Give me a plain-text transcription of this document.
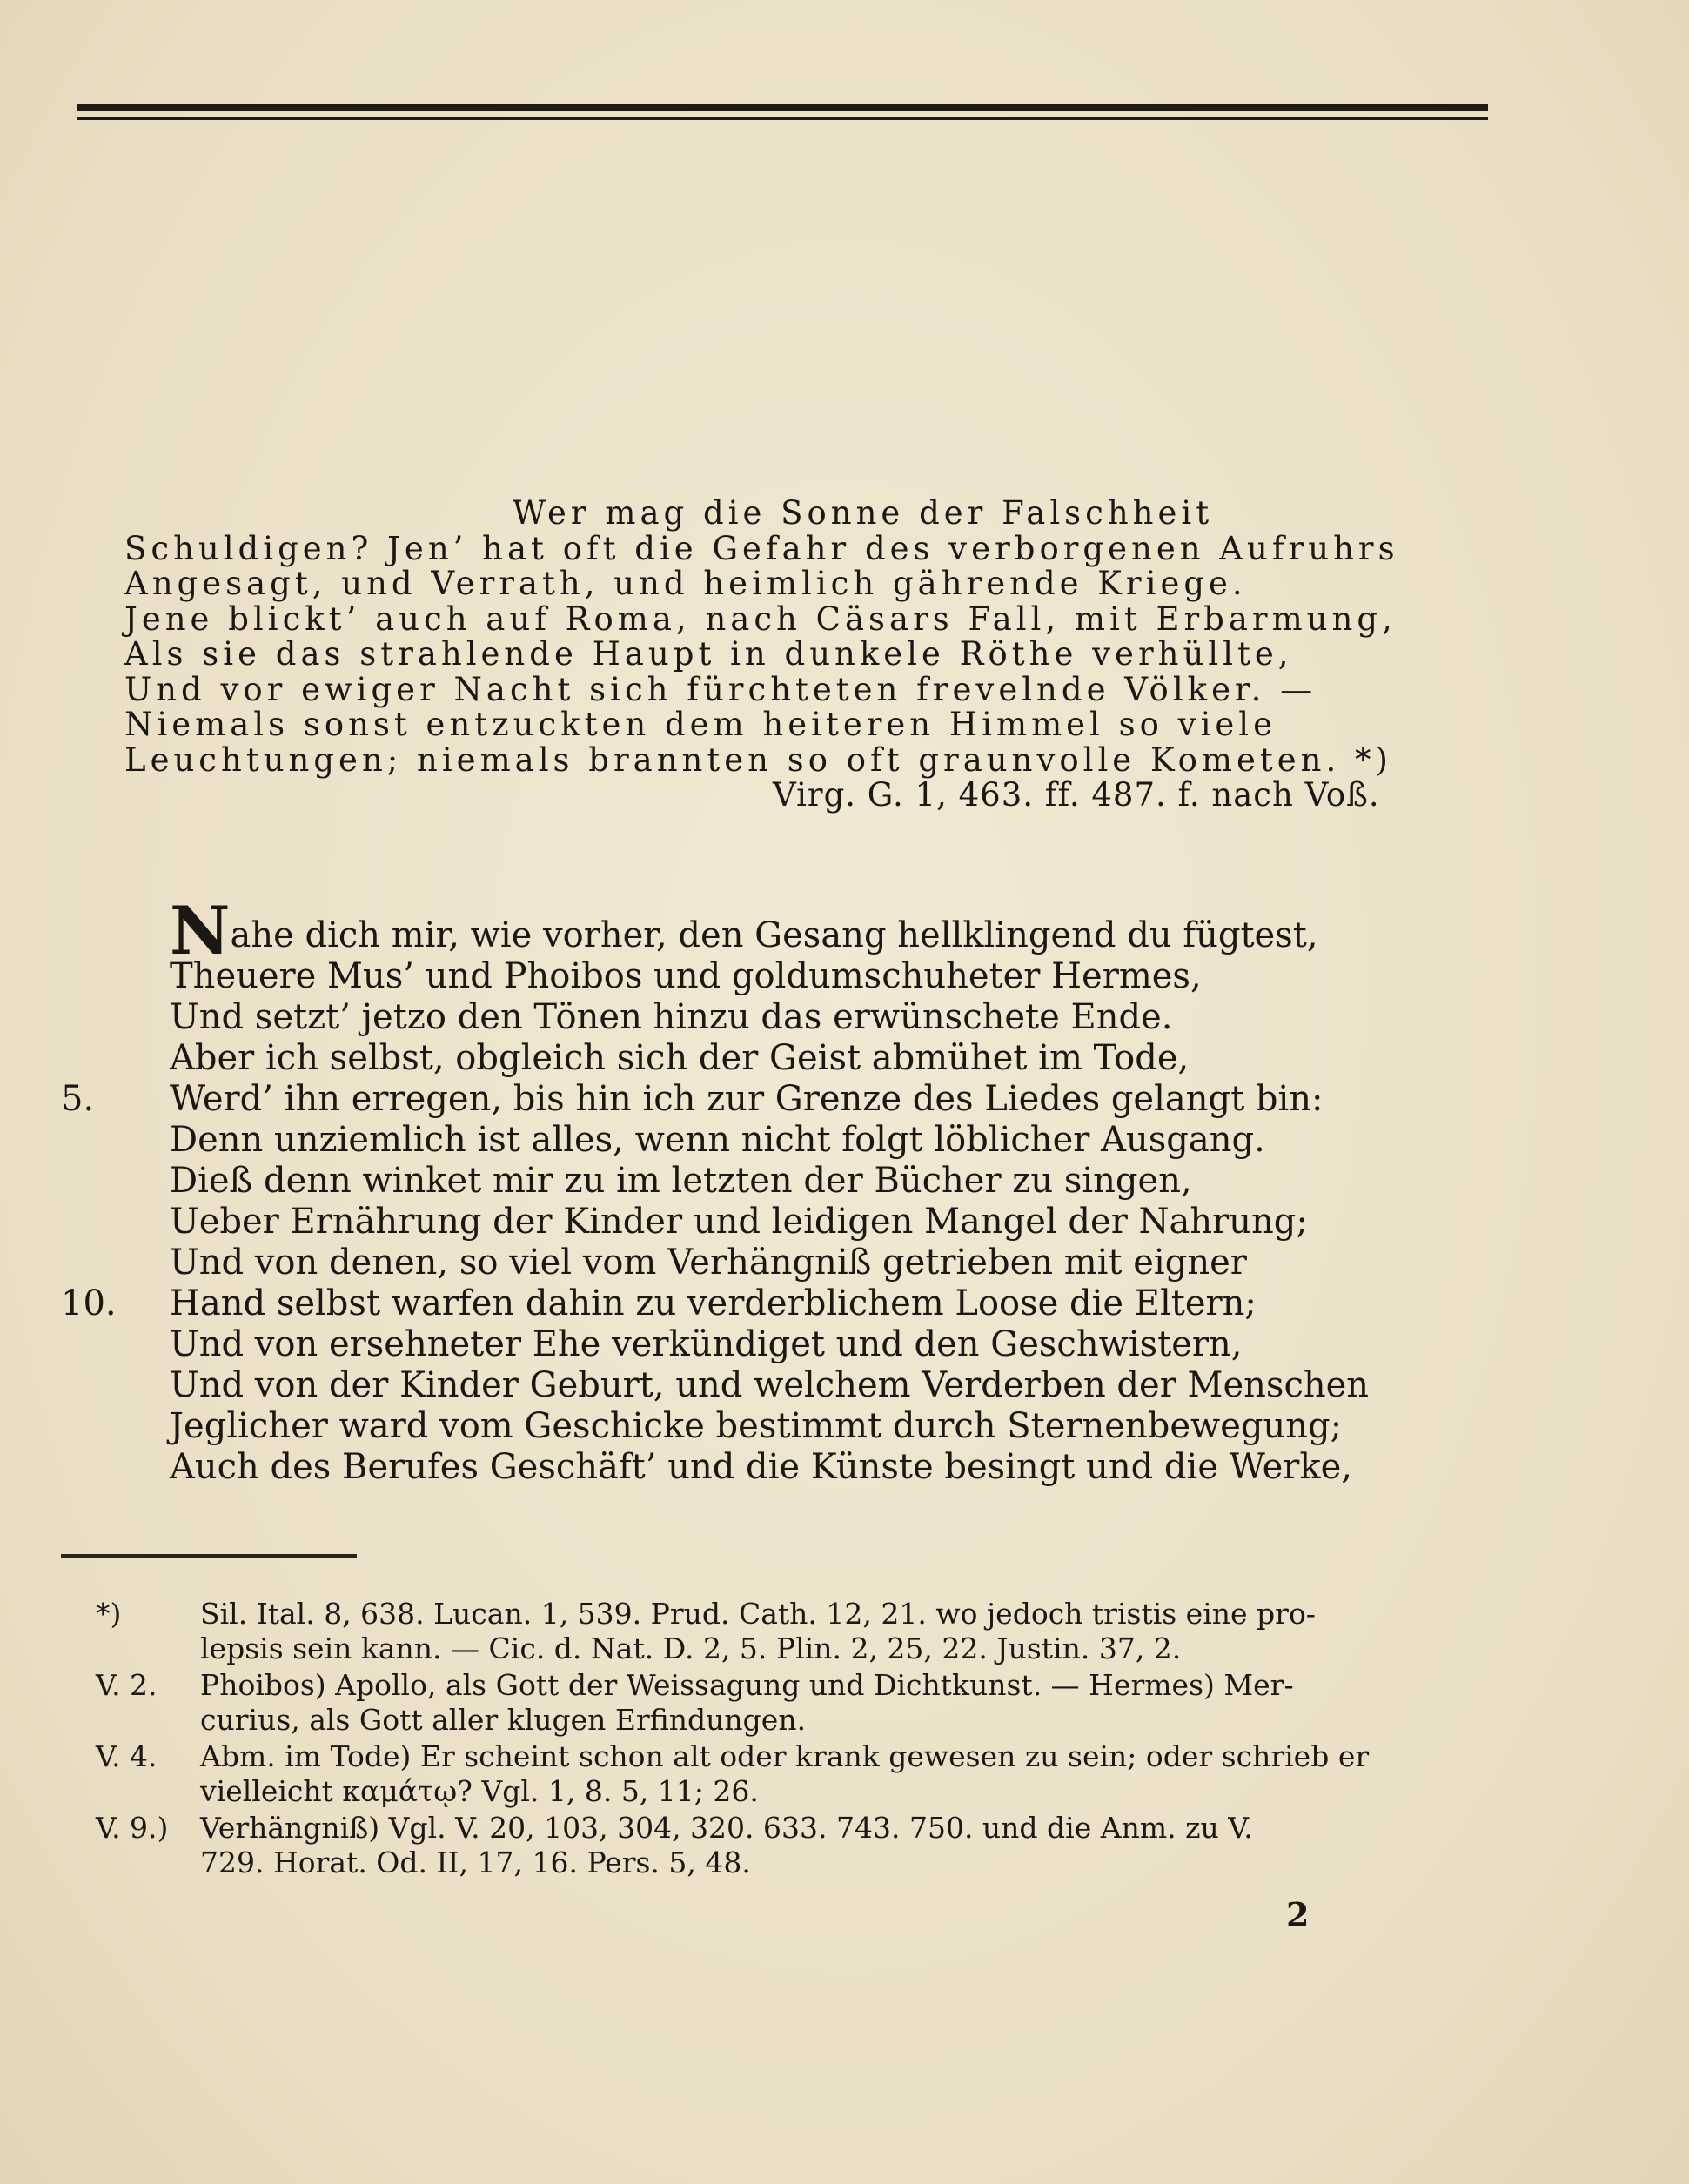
Wer mag die Sonne der Falschheit
Schuldigen? Jen’ hat oft die Gefahr des verborgenen Aufruhrs
Angesagt, und Verrath, und heimlich gährende Kriege.
Jene blickt’ auch auf Roma, nach Cäsars Fall, mit Erbarmung,
Als sie das strahlende Haupt in dunkele Röthe verhüllte,
Und vor ewiger Nacht sich fürchteten frevelnde Völker. —
Niemals sonst entzuckten dem heiteren Himmel so viele
Leuchtungen; niemals brannten so oft graunvolle Kometen. *)
Virg. G. 1, 463. ff. 487. f. nach Voß.
Nahe dich mir, wie vorher, den Gesang hellklingend du fügtest,
Theuere Mus’ und Phoibos und goldumschuheter Hermes,
Und setzt’ jetzo den Tönen hinzu das erwünschete Ende.
Aber ich selbst, obgleich sich der Geist abmühet im Tode,
5.	Werd’ ihn erregen, bis hin ich zur Grenze des Liedes gelangt bin:
Denn unziemlich ist alles, wenn nicht folgt löblicher Ausgang.
Dieß denn winket mir zu im letzten der Bücher zu singen,
Ueber Ernährung der Kinder und leidigen Mangel der Nahrung;
Und von denen, so viel vom Verhängniß getrieben mit eigner
10.	Hand selbst warfen dahin zu verderblichem Loose die Eltern;
Und von ersehneter Ehe verkündiget und den Geschwistern,
Und von der Kinder Geburt, und welchem Verderben der Menschen
Jeglicher ward vom Geschicke bestimmt durch Sternenbewegung;
Auch des Berufes Geschäft’ und die Künste besingt und die Werke,
*)	Sil. Ital. 8, 638. Lucan. 1, 539. Prud. Cath. 12, 21. wo jedoch tristis eine pro-
lepsis sein kann. — Cic. d. Nat. D. 2, 5. Plin. 2, 25, 22. Justin. 37, 2.
V. 2.	Phoibos) Apollo, als Gott der Weissagung und Dichtkunst. — Hermes) Mer-
curius, als Gott aller klugen Erfindungen.
V. 4.	Abm. im Tode) Er scheint schon alt oder krank gewesen zu sein; oder schrieb er
vielleicht καμάτῳ? Vgl. 1, 8. 5, 11; 26.
V. 9.)	Verhängniß) Vgl. V. 20, 103, 304, 320. 633. 743. 750. und die Anm. zu V.
729. Horat. Od. II, 17, 16. Pers. 5, 48.
2
